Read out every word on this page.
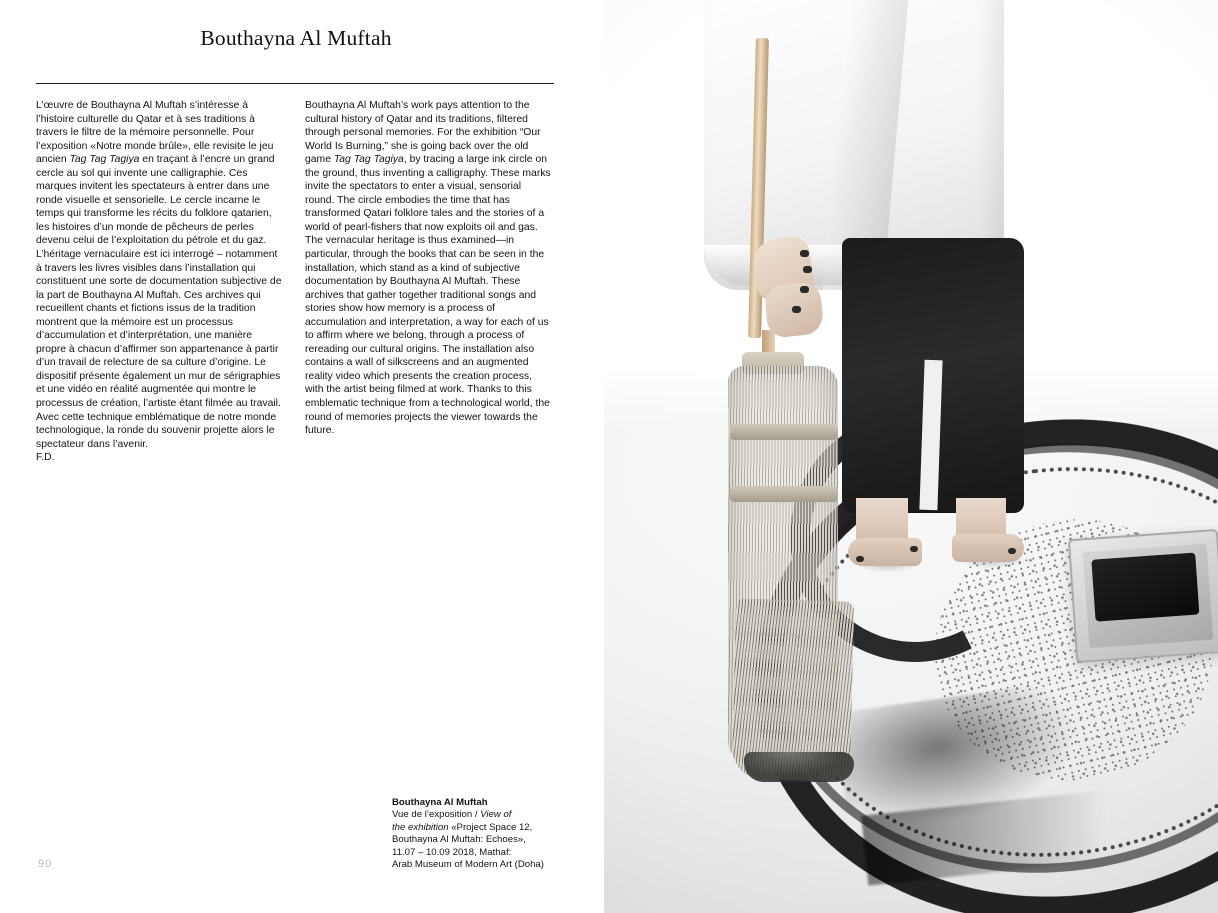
Bouthayna Al Muftah

L’œuvre de Bouthayna Al Muftah s’intéresse à l’histoire culturelle du Qatar et à ses traditions à travers le filtre de la mémoire personnelle. Pour l’exposition «Notre monde brûle», elle revisite le jeu ancien Tag Tag Tagiya en traçant à l’encre un grand cercle au sol qui invente une calligraphie. Ces marques invitent les spectateurs à entrer dans une ronde visuelle et sensorielle. Le cercle incarne le temps qui transforme les récits du folklore qatarien, les histoires d’un monde de pêcheurs de perles devenu celui de l’exploitation du pétrole et du gaz. L’héritage vernaculaire est ici interrogé – notamment à travers les livres visibles dans l’installation qui constituent une sorte de documentation subjective de la part de Bouthayna Al Muftah. Ces archives qui recueillent chants et fictions issus de la tradition montrent que la mémoire est un processus d’accumulation et d’interprétation, une manière propre à chacun d’affirmer son appartenance à partir d’un travail de relecture de sa culture d’origine. Le dispositif présente également un mur de sérigraphies et une vidéo en réalité augmentée qui montre le processus de création, l’artiste étant filmée au travail. Avec cette technique emblématique de notre monde technologique, la ronde du souvenir projette alors le spectateur dans l’avenir.

F.D.

Bouthayna Al Muftah’s work pays attention to the cultural history of Qatar and its traditions, filtered through personal memories. For the exhibition “Our World Is Burning,” she is going back over the old game Tag Tag Tagiya, by tracing a large ink circle on the ground, thus inventing a calligraphy. These marks invite the spectators to enter a visual, sensorial round. The circle embodies the time that has transformed Qatari folklore tales and the stories of a world of pearl-fishers that now exploits oil and gas. The vernacular heritage is thus examined—in particular, through the books that can be seen in the installation, which stand as a kind of subjective documentation by Bouthayna Al Muftah. These archives that gather together traditional songs and stories show how memory is a process of accumulation and interpretation, a way for each of us to affirm where we belong, through a process of rereading our cultural origins. The installation also contains a wall of silkscreens and an augmented reality video which presents the creation process, with the artist being filmed at work. Thanks to this emblematic technique from a technological world, the round of memories projects the viewer towards the future.

Bouthayna Al Muftah
Vue de l’exposition / View of
the exhibition «Project Space 12,
Bouthayna Al Muftah: Echoes»,
11.07 – 10.09 2018, Mathaf:
Arab Museum of Modern Art (Doha)
90
